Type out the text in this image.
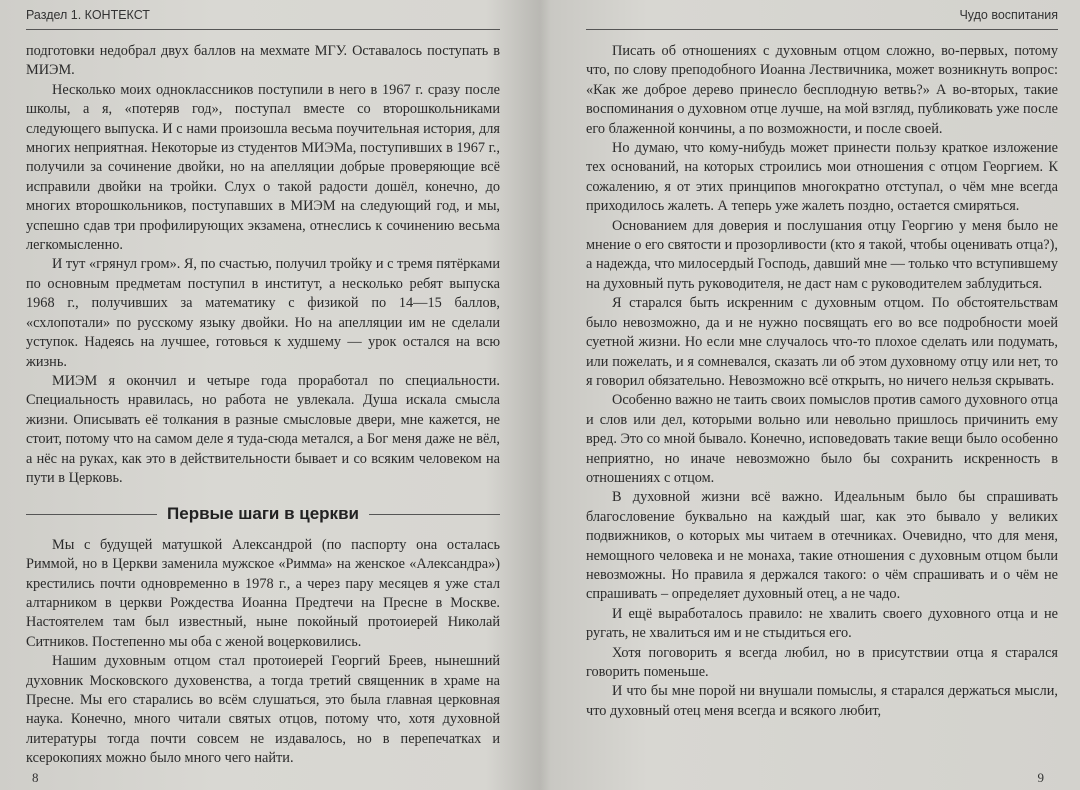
Раздел 1. КОНТЕКСТ

подготовки недобрал двух баллов на мехмате МГУ. Оставалось поступать в МИЭМ.

Несколько моих одноклассников поступили в него в 1967 г. сразу после школы, а я, «потеряв год», поступал вместе со второшкольниками следующего выпуска. И с нами произошла весьма поучительная история, для многих неприятная. Некоторые из студентов МИЭМа, поступивших в 1967 г., получили за сочинение двойки, но на апелляции добрые проверяющие всё исправили двойки на тройки. Слух о такой радости дошёл, конечно, до многих второшкольников, поступавших в МИЭМ на следующий год, и мы, успешно сдав три профилирующих экзамена, отнеслись к сочинению весьма легкомысленно.

И тут «грянул гром». Я, по счастью, получил тройку и с тремя пятёрками по основным предметам поступил в институт, а несколько ребят выпуска 1968 г., получивших за математику с физикой по 14—15 баллов, «схлопотали» по русскому языку двойки. Но на апелляции им не сделали уступок. Надеясь на лучшее, готовься к худшему — урок остался на всю жизнь.

МИЭМ я окончил и четыре года проработал по специальности. Специальность нравилась, но работа не увлекала. Душа искала смысла жизни. Описывать её толкания в разные смысловые двери, мне кажется, не стоит, потому что на самом деле я туда-сюда метался, а Бог меня даже не вёл, а нёс на руках, как это в действительности бывает и со всяким человеком на пути в Церковь.

Первые шаги в церкви

Мы с будущей матушкой Александрой (по паспорту она осталась Риммой, но в Церкви заменила мужское «Римма» на женское «Александра») крестились почти одновременно в 1978 г., а через пару месяцев я уже стал алтарником в церкви Рождества Иоанна Предтечи на Пресне в Москве. Настоятелем там был известный, ныне покойный протоиерей Николай Ситников. Постепенно мы оба с женой воцерковились.

Нашим духовным отцом стал протоиерей Георгий Бреев, нынешний духовник Московского духовенства, а тогда третий священник в храме на Пресне. Мы его старались во всём слушаться, это была главная церковная наука. Конечно, много читали святых отцов, потому что, хотя духовной литературы тогда почти совсем не издавалось, но в перепечатках и ксерокопиях можно было много чего найти.

8
Чудо воспитания

Писать об отношениях с духовным отцом сложно, во-первых, потому что, по слову преподобного Иоанна Лествичника, может возникнуть вопрос: «Как же доброе дерево принесло бесплодную ветвь?» А во-вторых, такие воспоминания о духовном отце лучше, на мой взгляд, публиковать уже после его блаженной кончины, а по возможности, и после своей.

Но думаю, что кому-нибудь может принести пользу краткое изложение тех оснований, на которых строились мои отношения с отцом Георгием. К сожалению, я от этих принципов многократно отступал, о чём мне всегда приходилось жалеть. А теперь уже жалеть поздно, остается смиряться.

Основанием для доверия и послушания отцу Георгию у меня было не мнение о его святости и прозорливости (кто я такой, чтобы оценивать отца?), а надежда, что милосердый Господь, давший мне — только что вступившему на духовный путь руководителя, не даст нам с руководителем заблудиться.

Я старался быть искренним с духовным отцом. По обстоятельствам было невозможно, да и не нужно посвящать его во все подробности моей суетной жизни. Но если мне случалось что-то плохое сделать или подумать, или пожелать, и я сомневался, сказать ли об этом духовному отцу или нет, то я говорил обязательно. Невозможно всё открыть, но ничего нельзя скрывать.

Особенно важно не таить своих помыслов против самого духовного отца и слов или дел, которыми вольно или невольно пришлось причинить ему вред. Это со мной бывало. Конечно, исповедовать такие вещи было особенно неприятно, но иначе невозможно было бы сохранить искренность в отношениях с отцом.

В духовной жизни всё важно. Идеальным было бы спрашивать благословение буквально на каждый шаг, как это бывало у великих подвижников, о которых мы читаем в отечниках. Очевидно, что для меня, немощного человека и не монаха, такие отношения с духовным отцом были невозможны. Но правила я держался такого: о чём спрашивать и о чём не спрашивать – определяет духовный отец, а не чадо.

И ещё выработалось правило: не хвалить своего духовного отца и не ругать, не хвалиться им и не стыдиться его.

Хотя поговорить я всегда любил, но в присутствии отца я старался говорить поменьше.

И что бы мне порой ни внушали помыслы, я старался держаться мысли, что духовный отец меня всегда и всякого любит,

9
